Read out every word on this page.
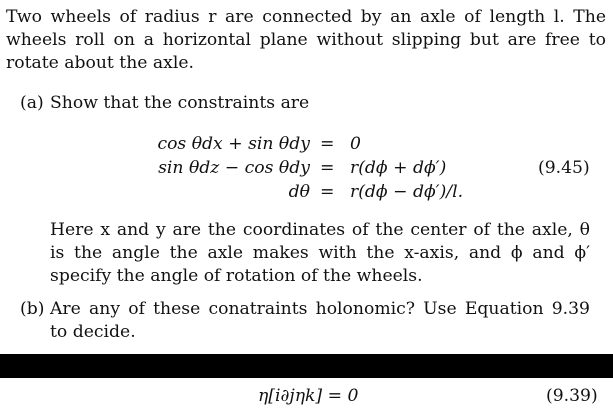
Two wheels of radius r are connected by an axle of length l. The wheels roll on a horizontal plane without slipping but are free to rotate about the axle.

(a) Show that the constraints are
cos θdx + sin θdy = 0
sin θdz − cos θdy = r(dϕ + dϕ′)	(9.45)
dθ = r(dϕ − dϕ′)/l.

Here x and y are the coordinates of the center of the axle, θ is the angle the axle makes with the x-axis, and ϕ and ϕ′ specify the angle of rotation of the wheels.

(b) Are any of these conatraints holonomic? Use Equation 9.39 to decide.

η[i∂jηk] = 0	(9.39)
